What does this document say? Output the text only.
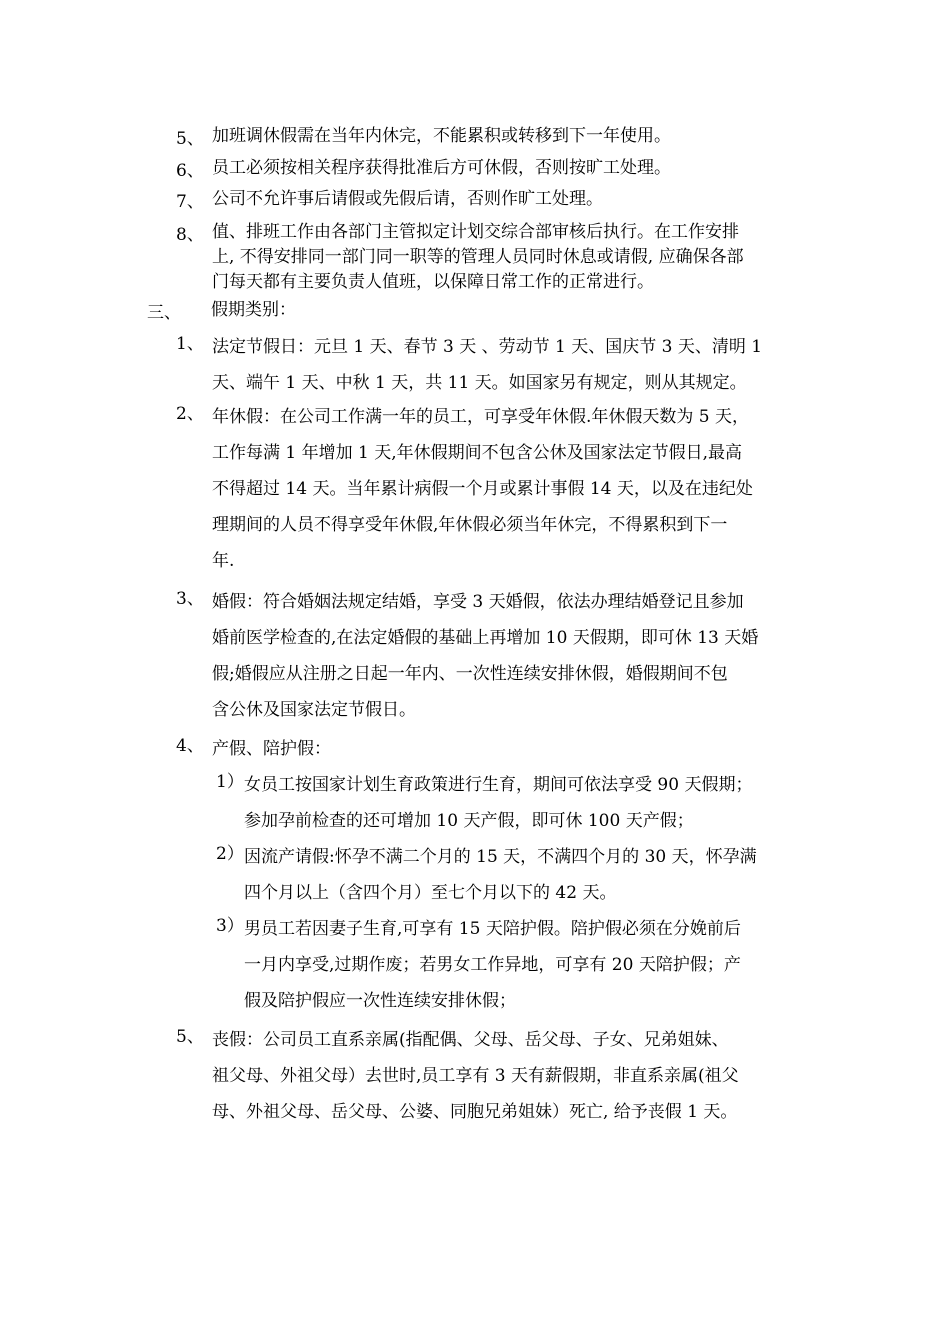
5、 加班调休假需在当年内休完，不能累积或转移到下一年使用。
6、 员工必须按相关程序获得批准后方可休假，否则按旷工处理。
7、 公司不允许事后请假或先假后请，否则作旷工处理。
8、 值、排班工作由各部门主管拟定计划交综合部审核后执行。在工作安排
上, 不得安排同一部门同一职等的管理人员同时休息或请假, 应确保各部
门每天都有主要负责人值班，以保障日常工作的正常进行。
三、	假期类别：
1、 法定节假日：元旦 1 天、春节 3 天 、劳动节 1 天、国庆节 3 天、清明 1
天、端午 1 天、中秋 1 天，共 11 天。如国家另有规定，则从其规定。
2、 年休假：在公司工作满一年的员工，可享受年休假.年休假天数为 5 天，
工作每满 1 年增加 1 天,年休假期间不包含公休及国家法定节假日,最高
不得超过 14 天。当年累计病假一个月或累计事假 14 天，以及在违纪处
理期间的人员不得享受年休假,年休假必须当年休完，不得累积到下一
年.
3、 婚假：符合婚姻法规定结婚，享受 3 天婚假，依法办理结婚登记且参加
婚前医学检查的,在法定婚假的基础上再增加 10 天假期，即可休 13 天婚
假;婚假应从注册之日起一年内、一次性连续安排休假，婚假期间不包
含公休及国家法定节假日。
4、 产假、陪护假：
1） 女员工按国家计划生育政策进行生育，期间可依法享受 90 天假期；
参加孕前检查的还可增加 10 天产假，即可休 100 天产假；
2） 因流产请假:怀孕不满二个月的 15 天，不满四个月的 30 天，怀孕满
四个月以上（含四个月）至七个月以下的 42 天。
3） 男员工若因妻子生育,可享有 15 天陪护假。陪护假必须在分娩前后
一月内享受,过期作废；若男女工作异地，可享有 20 天陪护假；产
假及陪护假应一次性连续安排休假；
5、 丧假：公司员工直系亲属(指配偶、父母、岳父母、子女、兄弟姐妹、
祖父母、外祖父母）去世时,员工享有 3 天有薪假期，非直系亲属(祖父
母、外祖父母、岳父母、公婆、同胞兄弟姐妹）死亡, 给予丧假 1 天。
